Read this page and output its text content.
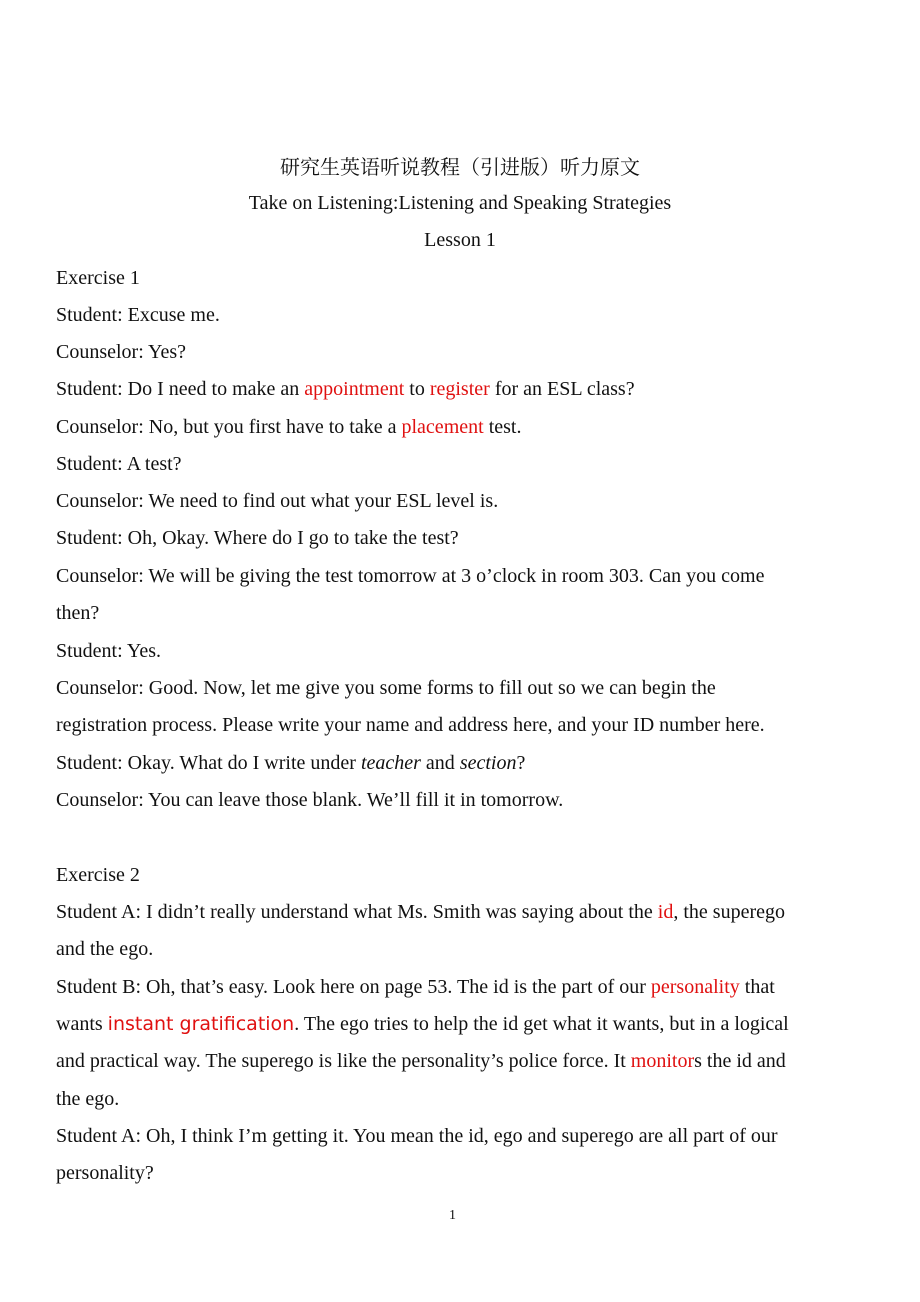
研究生英语听说教程（引进版）听力原文
Take on Listening:Listening and Speaking Strategies
Lesson 1
Exercise 1
Student: Excuse me.
Counselor: Yes?
Student: Do I need to make an appointment to register for an ESL class?
Counselor: No, but you first have to take a placement test.
Student: A test?
Counselor: We need to find out what your ESL level is.
Student: Oh, Okay. Where do I go to take the test?
Counselor: We will be giving the test tomorrow at 3 o’clock in room 303. Can you come
then?
Student: Yes.
Counselor: Good. Now, let me give you some forms to fill out so we can begin the
registration process. Please write your name and address here, and your ID number here.
Student: Okay. What do I write under teacher and section?
Counselor: You can leave those blank. We’ll fill it in tomorrow.
Exercise 2
Student A: I didn’t really understand what Ms. Smith was saying about the id, the superego
and the ego.
Student B: Oh, that’s easy. Look here on page 53. The id is the part of our personality that
wants instant gratification. The ego tries to help the id get what it wants, but in a logical
and practical way. The superego is like the personality’s police force. It monitors the id and
the ego.
Student A: Oh, I think I’m getting it. You mean the id, ego and superego are all part of our
personality?
1
